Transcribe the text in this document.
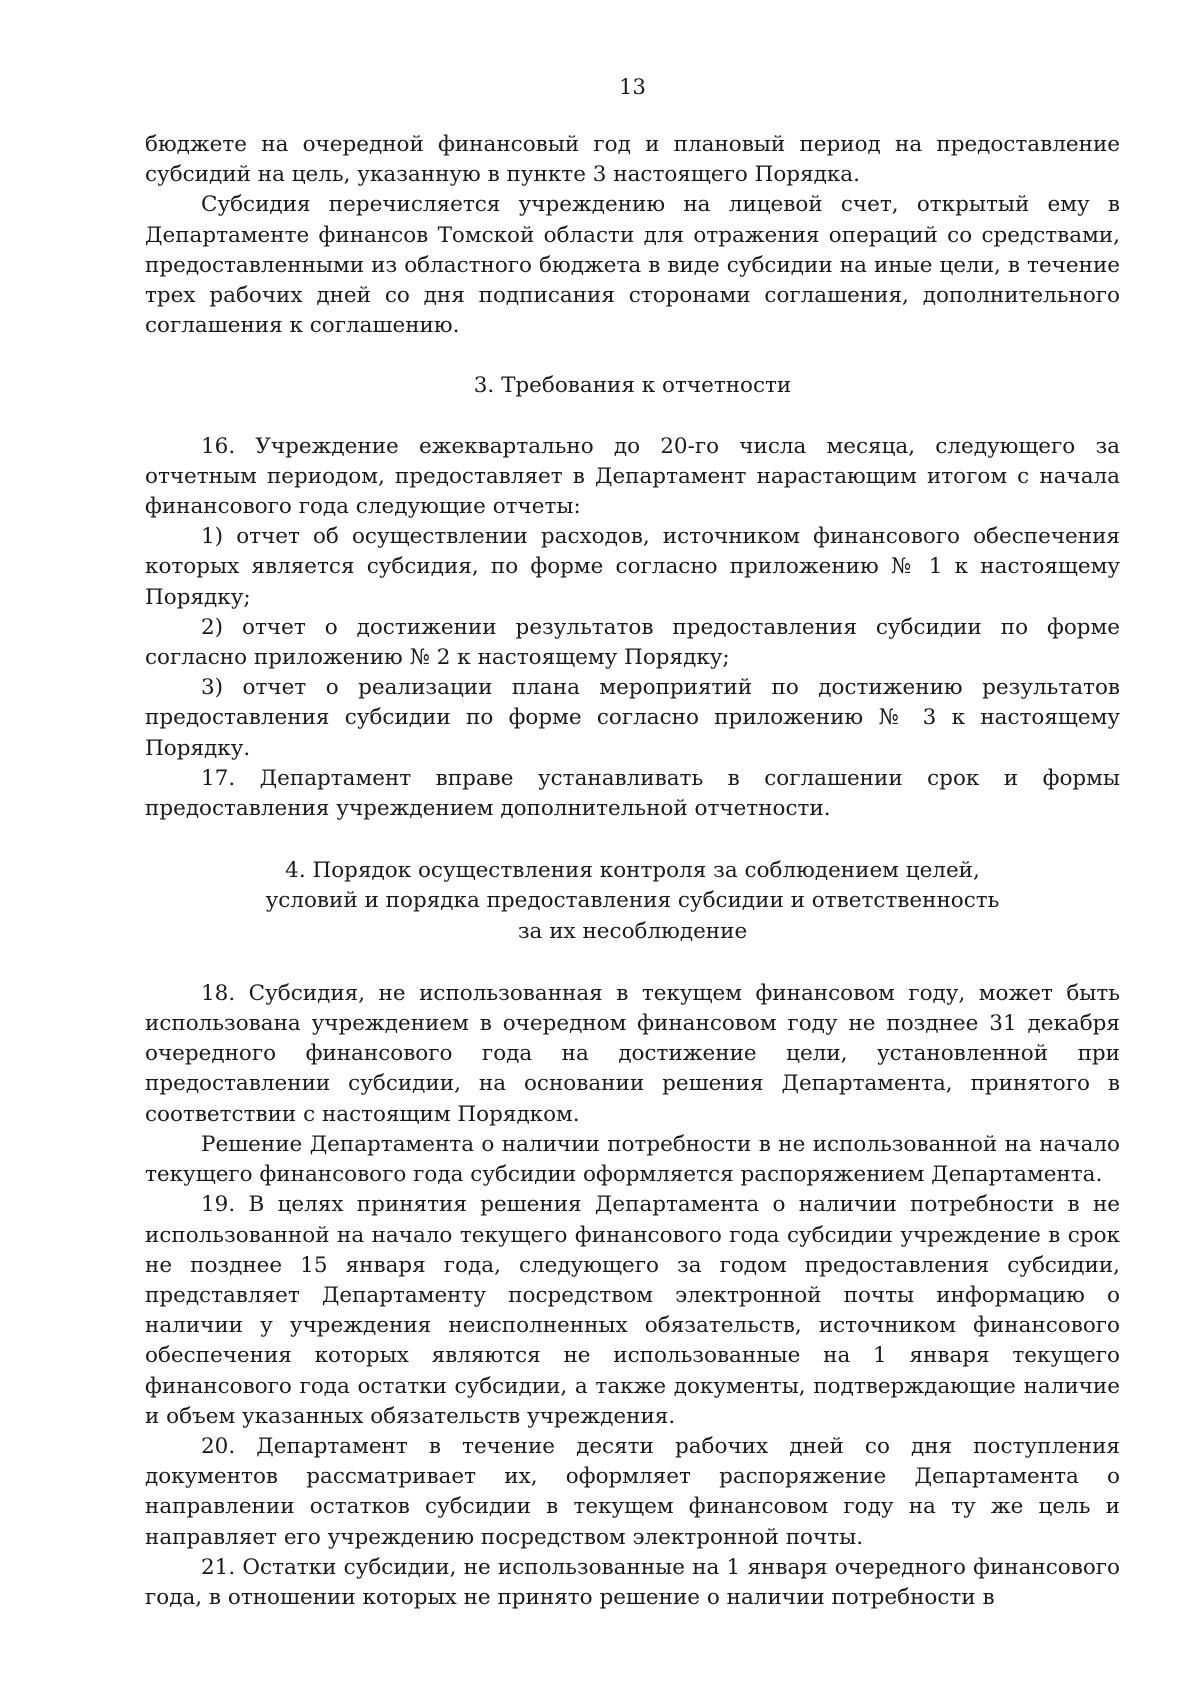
13

бюджете на очередной финансовый год и плановый период на предоставление субсидий на цель, указанную в пункте 3 настоящего Порядка.

Субсидия перечисляется учреждению на лицевой счет, открытый ему в Департаменте финансов Томской области для отражения операций со средствами, предоставленными из областного бюджета в виде субсидии на иные цели, в течение трех рабочих дней со дня подписания сторонами соглашения, дополнительного соглашения к соглашению.

3. Требования к отчетности

16. Учреждение ежеквартально до 20-го числа месяца, следующего за отчетным периодом, предоставляет в Департамент нарастающим итогом с начала финансового года следующие отчеты:

1) отчет об осуществлении расходов, источником финансового обеспечения которых является субсидия, по форме согласно приложению № 1 к настоящему Порядку;

2) отчет о достижении результатов предоставления субсидии по форме согласно приложению № 2 к настоящему Порядку;

3) отчет о реализации плана мероприятий по достижению результатов предоставления субсидии по форме согласно приложению № 3 к настоящему Порядку.

17. Департамент вправе устанавливать в соглашении срок и формы предоставления учреждением дополнительной отчетности.

4. Порядок осуществления контроля за соблюдением целей,
условий и порядка предоставления субсидии и ответственность
за их несоблюдение

18. Субсидия, не использованная в текущем финансовом году, может быть использована учреждением в очередном финансовом году не позднее 31 декабря очередного финансового года на достижение цели, установленной при предоставлении субсидии, на основании решения Департамента, принятого в соответствии с настоящим Порядком.

Решение Департамента о наличии потребности в не использованной на начало текущего финансового года субсидии оформляется распоряжением Департамента.

19. В целях принятия решения Департамента о наличии потребности в не использованной на начало текущего финансового года субсидии учреждение в срок не позднее 15 января года, следующего за годом предоставления субсидии, представляет Департаменту посредством электронной почты информацию о наличии у учреждения неисполненных обязательств, источником финансового обеспечения которых являются не использованные на 1 января текущего финансового года остатки субсидии, а также документы, подтверждающие наличие и объем указанных обязательств учреждения.

20. Департамент в течение десяти рабочих дней со дня поступления документов рассматривает их, оформляет распоряжение Департамента о направлении остатков субсидии в текущем финансовом году на ту же цель и направляет его учреждению посредством электронной почты.

21. Остатки субсидии, не использованные на 1 января очередного финансового года, в отношении которых не принято решение о наличии потребности в
